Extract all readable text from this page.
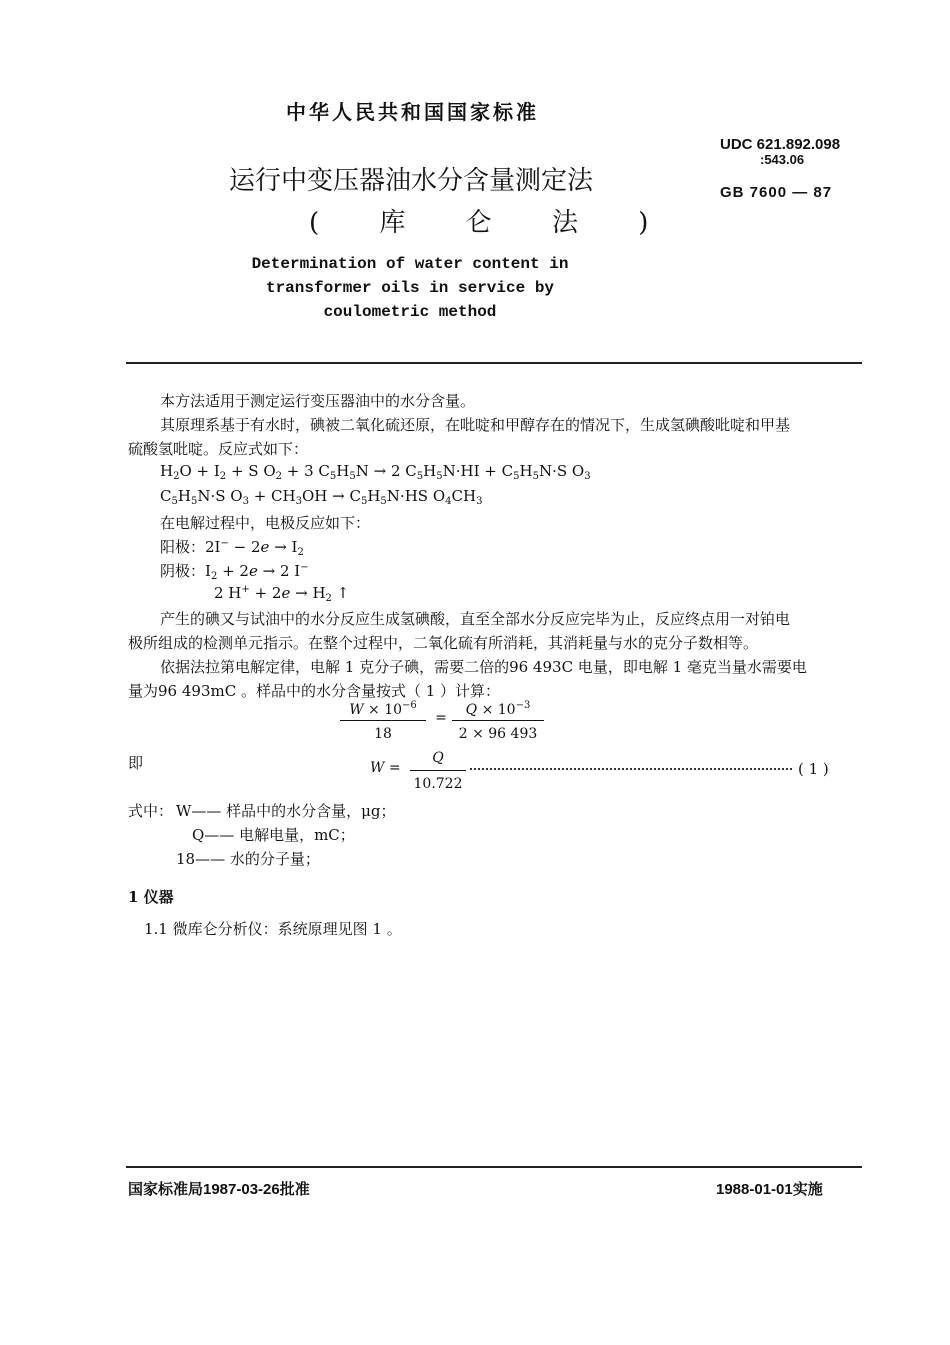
中华人民共和国国家标准
UDC 621.892.098
:543.06
GB 7600 — 87
运行中变压器油水分含量测定法
( 库 仑 法 )
Determination of water content in transformer oils in service by coulometric method
本方法适用于测定运行变压器油中的水分含量。
其原理系基于有水时，碘被二氧化硫还原，在吡啶和甲醇存在的情况下，生成氢碘酸吡啶和甲基
硫酸氢吡啶。反应式如下：
$H_2O + I_2 + S$ $O_2 + 3$ $C_5H_5N \to 2$ $C_5H_5N\cdot HI + C_5H_5N\cdot S$ $O_3$
$C_5H_5N\cdot S$ $O_3 + CH_3OH \to C_5H_5N\cdot HS$ $O_4CH_3$
在电解过程中，电极反应如下：
阳极：$2I^- - 2e \to I_2$
阴极：$I_2 + 2e \to 2$ I−
2 $H^+ + 2e \to H_2$ ↑
产生的碘又与试油中的水分反应生成氢碘酸，直至全部水分反应完毕为止，反应终点用一对铂电
极所组成的检测单元指示。在整个过程中，二氧化硫有所消耗，其消耗量与水的克分子数相等。
依据法拉第电解定律，电解 1 克分子碘，需要二倍的96 493C 电量，即电解 1 毫克当量水需要电
量为96 493mC 。样品中的水分含量按式（ 1 ）计算：
$W \times 10^{-6}$
18
=	$Q \times 10^{-3}$
2 × 96 493
即	W =
Q
10.722
( 1 )
式中： W—— 样品中的水分含量，μg；
Q—— 电解电量，mC；
18—— 水的分子量；
1 仪器
1.1 微库仑分析仪：系统原理见图 1 。
国家标准局1987-03-26批准	1988-01-01实施
